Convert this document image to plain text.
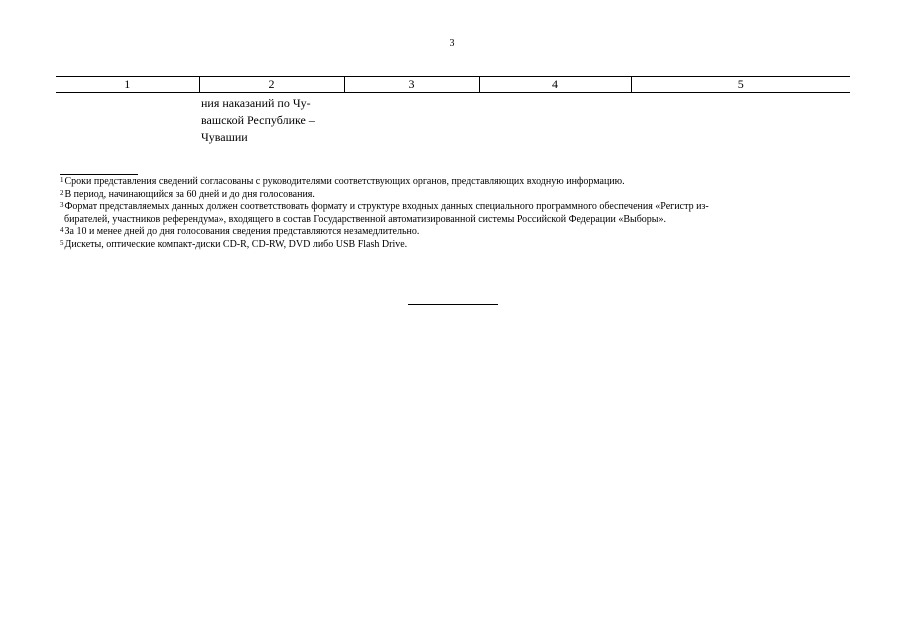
3
1	2	3	4	5

	ния наказаний по Чу-
вашской Республике –
Чувашии			

$^1$Сроки представления сведений согласованы с руководителями соответствующих органов, представляющих входную информацию.

$^2$В период, начинающийся за 60 дней и до дня голосования.

$^3$Формат представляемых данных должен соответствовать формату и структуре входных данных специального программного обеспечения «Регистр из-
бирателей, участников референдума», входящего в состав Государственной автоматизированной системы Российской Федерации «Выборы».

$^4$За 10 и менее дней до дня голосования сведения представляются незамедлительно.

$^5$Дискеты, оптические компакт-диски CD-R, CD-RW, DVD либо USB Flash Drive.
